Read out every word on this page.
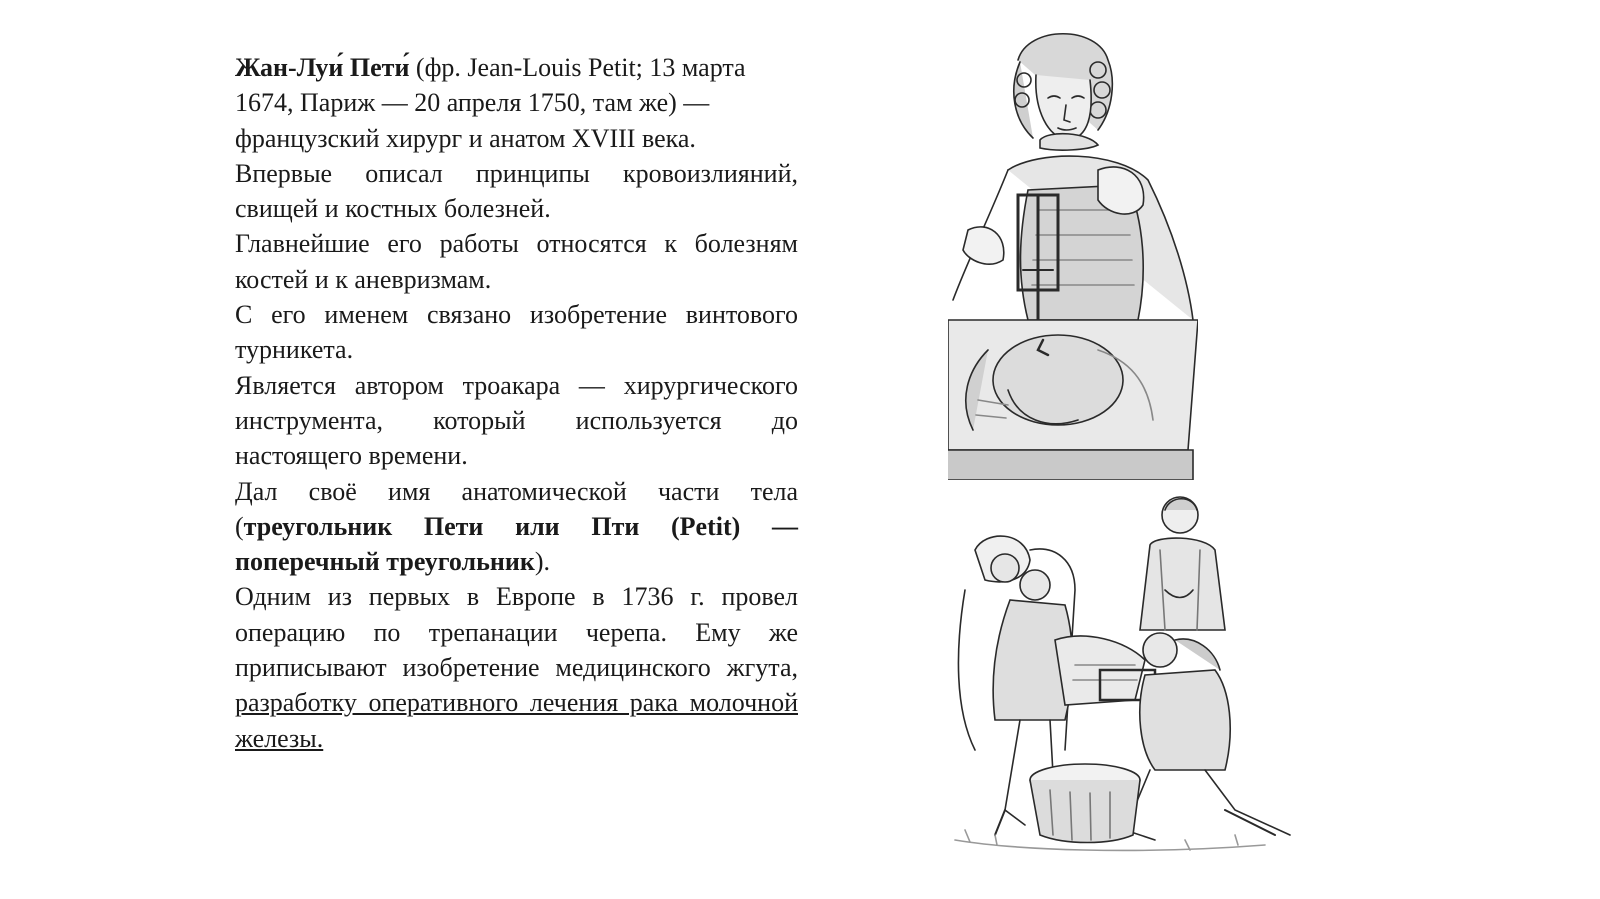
Жан-Луи́ Пети́ (фр. Jean-Louis Petit; 13 марта 1674, Париж — 20 апреля 1750, там же) — французский хирург и анатом XVIII века.

Впервые описал принципы кровоизлияний, свищей и костных болезней.

Главнейшие его работы относятся к болезням костей и к аневризмам.

С его именем связано изобретение винтового турникета.

Является автором троакара — хирургического инструмента, который используется до настоящего времени.

Дал своё имя анатомической части тела (треугольник Пети или Пти (Petit) — поперечный треугольник).

Одним из первых в Европе в 1736 г. провел операцию по трепанации черепа. Ему же приписывают изобретение медицинского жгута, разработку оперативного лечения рака молочной железы.
